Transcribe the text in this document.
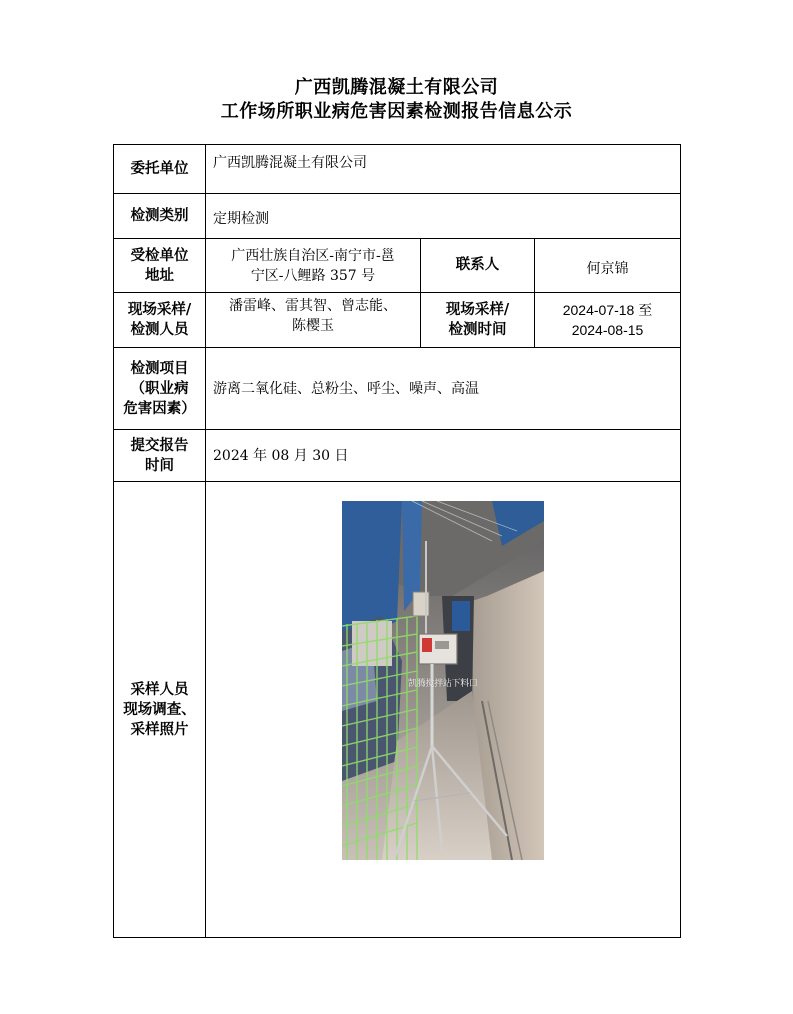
广西凯腾混凝土有限公司
工作场所职业病危害因素检测报告信息公示
委托单位 广西凯腾混凝土有限公司
检测类别 定期检测
受检单位
地址
广西壮族自治区-南宁市-邕
宁区-八鲤路 357 号
联系人	何京锦
现场采样/
检测人员
潘雷峰、雷其智、曾志能、
陈樱玉
现场采样/
检测时间
2024-07-18 至
2024-08-15
检测项目
（职业病
危害因素）
游离二氧化硅、总粉尘、呼尘、噪声、高温
提交报告
时间
2024 年 08 月 30 日
采样人员
现场调查、
采样照片
凯腾搅拌站下料口
